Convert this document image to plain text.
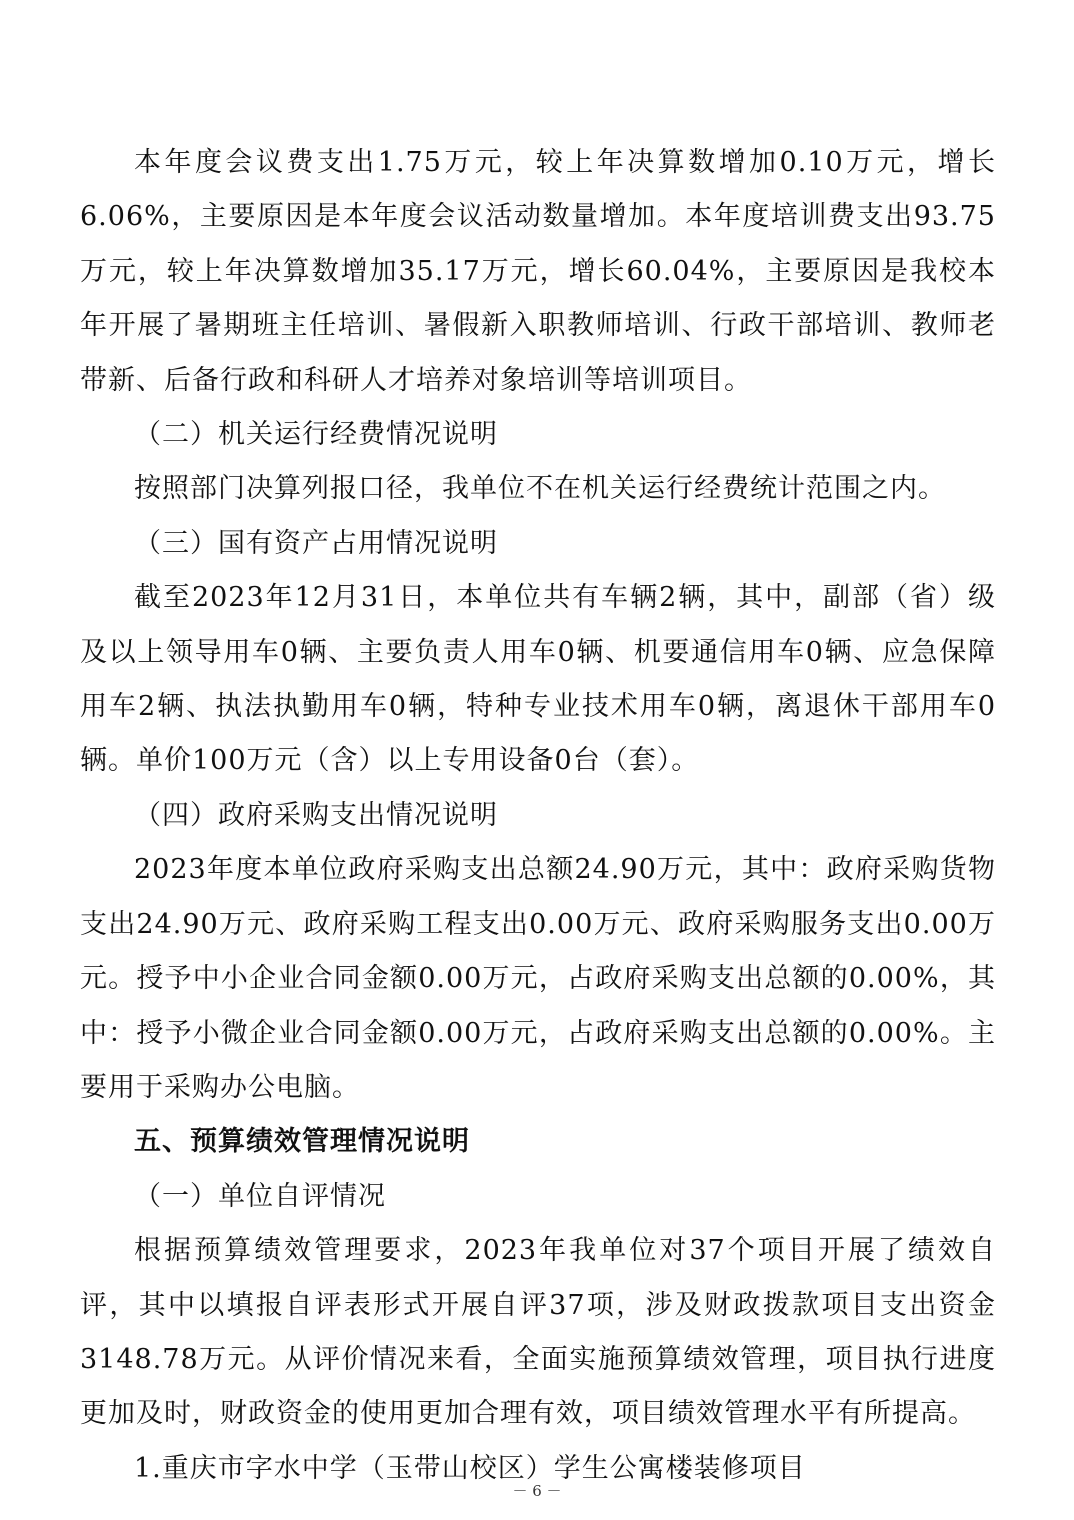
本年度会议费支出1.75万元，较上年决算数增加0.10万元，增长6.06%，主要原因是本年度会议活动数量增加。本年度培训费支出93.75万元，较上年决算数增加35.17万元，增长60.04%，主要原因是我校本年开展了暑期班主任培训、暑假新入职教师培训、行政干部培训、教师老带新、后备行政和科研人才培养对象培训等培训项目。

（二）机关运行经费情况说明

按照部门决算列报口径，我单位不在机关运行经费统计范围之内。

（三）国有资产占用情况说明

截至2023年12月31日，本单位共有车辆2辆，其中，副部（省）级及以上领导用车0辆、主要负责人用车0辆、机要通信用车0辆、应急保障用车2辆、执法执勤用车0辆，特种专业技术用车0辆，离退休干部用车0辆。单价100万元（含）以上专用设备0台（套）。

（四）政府采购支出情况说明

2023年度本单位政府采购支出总额24.90万元，其中：政府采购货物支出24.90万元、政府采购工程支出0.00万元、政府采购服务支出0.00万元。授予中小企业合同金额0.00万元，占政府采购支出总额的0.00%，其中：授予小微企业合同金额0.00万元，占政府采购支出总额的0.00%。主要用于采购办公电脑。

五、预算绩效管理情况说明

（一）单位自评情况

根据预算绩效管理要求，2023年我单位对37个项目开展了绩效自评，其中以填报自评表形式开展自评37项，涉及财政拨款项目支出资金3148.78万元。从评价情况来看，全面实施预算绩效管理，项目执行进度更加及时，财政资金的使用更加合理有效，项目绩效管理水平有所提高。

1.重庆市字水中学（玉带山校区）学生公寓楼装修项目

－ 6 －
